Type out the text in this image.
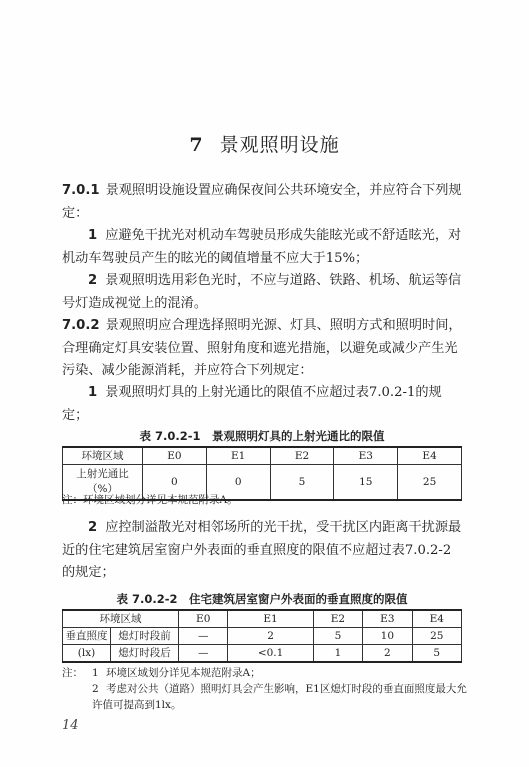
7 景观照明设施
7.0.1 景观照明设施设置应确保夜间公共环境安全，并应符合下列规定：
1 应避免干扰光对机动车驾驶员形成失能眩光或不舒适眩光，对机动车驾驶员产生的眩光的阈值增量不应大于15%；
2 景观照明选用彩色光时，不应与道路、铁路、机场、航运等信号灯造成视觉上的混淆。
7.0.2 景观照明应合理选择照明光源、灯具、照明方式和照明时间，合理确定灯具安装位置、照射角度和遮光措施，以避免或减少产生光污染、减少能源消耗，并应符合下列规定：
1 景观照明灯具的上射光通比的限值不应超过表7.0.2-1的规定；
表 7.0.2-1　景观照明灯具的上射光通比的限值
环境区域	E0	E1	E2	E3	E4
上射光通比（%）	0	0	5	15	25
注：环境区域划分详见本规范附录A。
2 应控制溢散光对相邻场所的光干扰，受干扰区内距离干扰源最近的住宅建筑居室窗户外表面的垂直照度的限值不应超过表7.0.2-2的规定；
表 7.0.2-2　住宅建筑居室窗户外表面的垂直照度的限值
环境区域		E0	E1	E2	E3	E4
垂直照度	熄灯时段前	—	2	5	10	25
(lx)	熄灯时段后	—	<0.1	1	2	5
注： 1 环境区域划分详见本规范附录A；
2 考虑对公共（道路）照明灯具会产生影响，E1区熄灯时段的垂直面照度最大允许值可提高到1lx。
14
